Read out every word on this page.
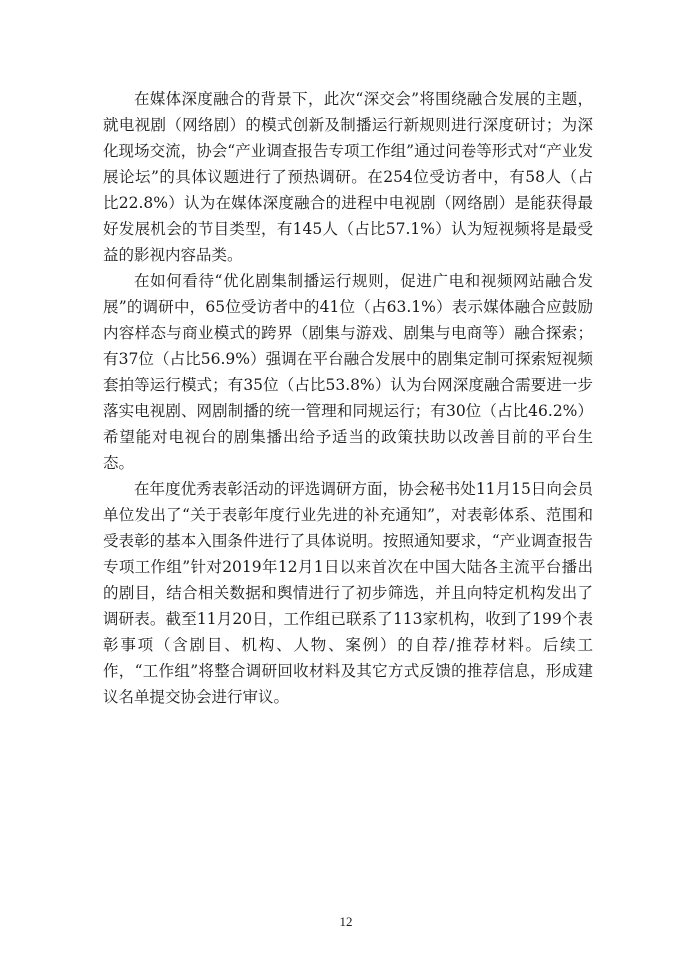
在媒体深度融合的背景下，此次“深交会”将围绕融合发展的主题，就电视剧（网络剧）的模式创新及制播运行新规则进行深度研讨；为深化现场交流，协会“产业调查报告专项工作组”通过问卷等形式对“产业发展论坛”的具体议题进行了预热调研。在254位受访者中，有58人（占比22.8%）认为在媒体深度融合的进程中电视剧（网络剧）是能获得最好发展机会的节目类型，有145人（占比57.1%）认为短视频将是最受益的影视内容品类。

在如何看待“优化剧集制播运行规则，促进广电和视频网站融合发展”的调研中，65位受访者中的41位（占63.1%）表示媒体融合应鼓励内容样态与商业模式的跨界（剧集与游戏、剧集与电商等）融合探索；有37位（占比56.9%）强调在平台融合发展中的剧集定制可探索短视频套拍等运行模式；有35位（占比53.8%）认为台网深度融合需要进一步落实电视剧、网剧制播的统一管理和同规运行；有30位（占比46.2%）希望能对电视台的剧集播出给予适当的政策扶助以改善目前的平台生态。

在年度优秀表彰活动的评选调研方面，协会秘书处11月15日向会员单位发出了“关于表彰年度行业先进的补充通知”，对表彰体系、范围和受表彰的基本入围条件进行了具体说明。按照通知要求，“产业调查报告专项工作组”针对2019年12月1日以来首次在中国大陆各主流平台播出的剧目，结合相关数据和舆情进行了初步筛选，并且向特定机构发出了调研表。截至11月20日，工作组已联系了113家机构，收到了199个表彰事项（含剧目、机构、人物、案例）的自荐/推荐材料。后续工作，“工作组”将整合调研回收材料及其它方式反馈的推荐信息，形成建议名单提交协会进行审议。

12
